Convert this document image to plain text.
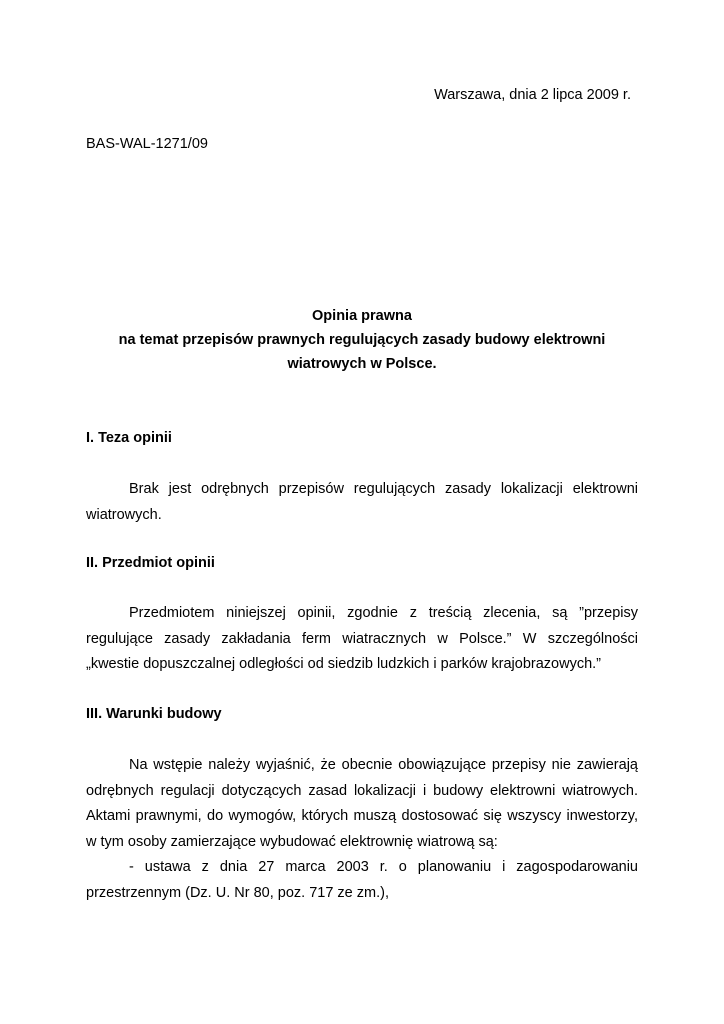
Warszawa, dnia 2 lipca 2009 r.
BAS-WAL-1271/09
Opinia prawna
na temat przepisów prawnych regulujących zasady budowy elektrowni
wiatrowych w Polsce.
I. Teza opinii
Brak jest odrębnych przepisów regulujących zasady lokalizacji elektrowni
wiatrowych.
II. Przedmiot opinii
Przedmiotem niniejszej opinii, zgodnie z treścią zlecenia, są ”przepisy
regulujące zasady zakładania ferm wiatracznych w Polsce.” W szczególności
„kwestie dopuszczalnej odległości od siedzib ludzkich i parków krajobrazowych.”
III. Warunki budowy
Na wstępie należy wyjaśnić, że obecnie obowiązujące przepisy nie zawierają
odrębnych regulacji dotyczących zasad lokalizacji i budowy elektrowni wiatrowych.
Aktami prawnymi, do wymogów, których muszą dostosować się wszyscy inwestorzy,
w tym osoby zamierzające wybudować elektrownię wiatrową są:
- ustawa z dnia 27 marca 2003 r. o planowaniu i zagospodarowaniu
przestrzennym (Dz. U. Nr 80, poz. 717 ze zm.),
